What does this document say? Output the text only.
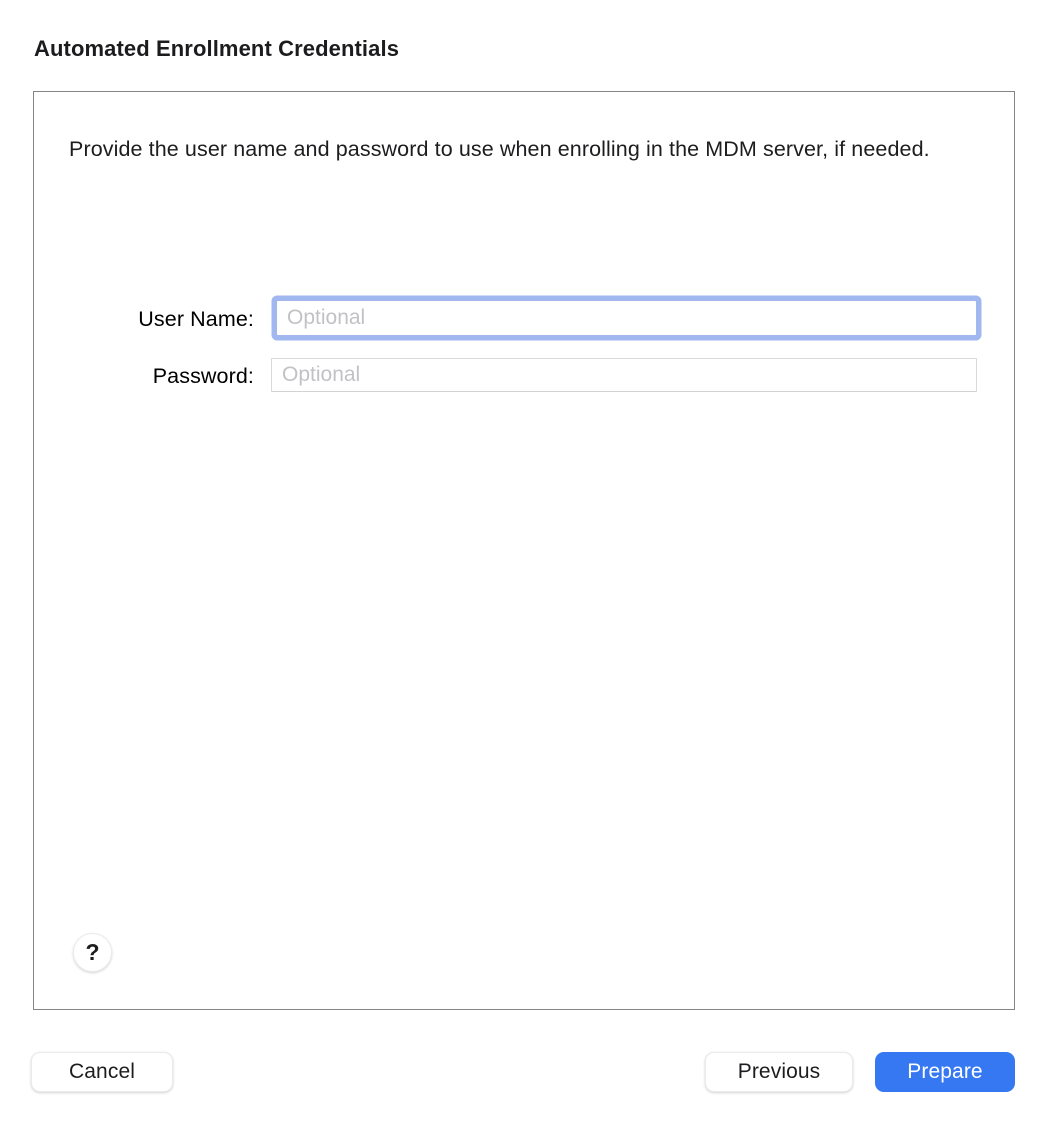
Automated Enrollment Credentials

Provide the user name and password to use when enrolling in the MDM server, if needed.

User Name:
Optional
Password:
Optional
?
Cancel	Previous	Prepare
